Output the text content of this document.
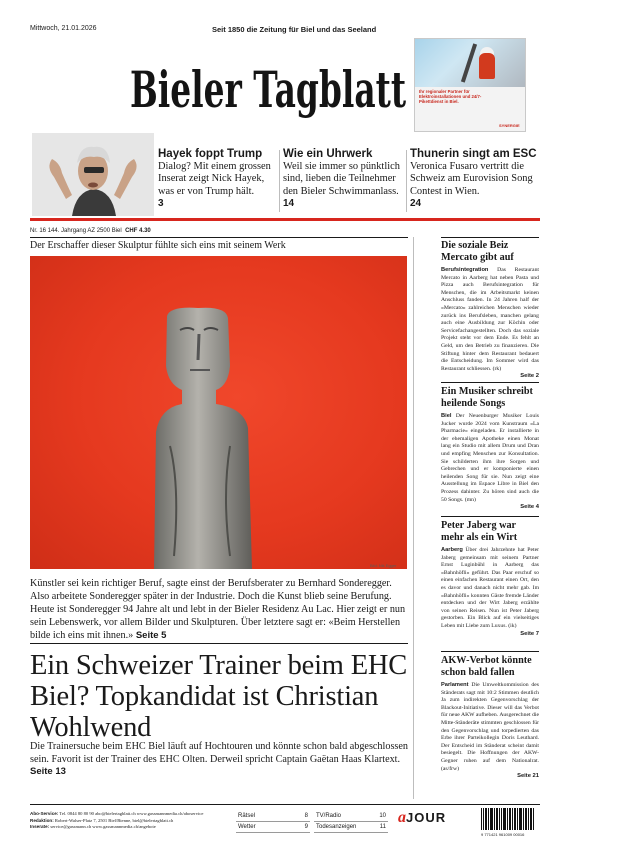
Mittwoch, 21.01.2026	Seit 1850 die Zeitung für Biel und das Seeland
Bieler Tagblatt	Ihr regionaler Partner für Elektroinstallationen und 24/7-Pikettdienst in Biel.
SYNERGIE
Hayek foppt Trump
Dialog? Mit einem grossen Inserat zeigt Nick Hayek, was er von Trump hält.
3
Wie ein Uhrwerk
Weil sie immer so pünktlich sind, lieben die Teilnehmer den Bieler Schwimmanlass.
14
Thunerin singt am ESC
Veronica Fusaro vertritt die Schweiz am Eurovision Song Contest in Wien.
24
Nr. 16 144. Jahrgang AZ 2500 Biel CHF 4.30
Der Erschaffer dieser Skulptur fühlte sich eins mit seinem Werk
Bild: Nik Egger
Künstler sei kein richtiger Beruf, sagte einst der Berufsberater zu Bernhard Sonderegger. Also arbeitete Sonderegger später in der Industrie. Doch die Kunst blieb seine Berufung. Heute ist Sonderegger 94 Jahre alt und lebt in der Bieler Residenz Au Lac. Hier zeigt er nun sein Lebenswerk, vor allem Bilder und Skulpturen. Über letztere sagt er: «Beim Herstellen bilde ich eins mit ihnen.» Seite 5
Ein Schweizer Trainer beim EHC Biel? Topkandidat ist Christian Wohlwend
Die Trainersuche beim EHC Biel läuft auf Hochtouren und könnte schon bald abgeschlossen sein. Favorit ist der Trainer des EHC Olten. Derweil spricht Captain Gaëtan Haas Klartext. Seite 13
Die soziale Beiz Mercato gibt auf
Berufsintegration Das Restaurant Mercato in Aarberg hat neben Pasta und Pizza auch Berufsintegration für Menschen, die im Arbeitsmarkt keinen Anschluss fanden. In 24 Jahren half der «Mercato» zahlreichen Menschen wieder zurück ins Berufsleben, manchen gelang auch eine Ausbildung zur Köchin oder Servicefachangestellten. Doch das soziale Projekt steht vor dem Ende. Es fehlt an Geld, um den Betrieb zu finanzieren. Die Stiftung hinter dem Restaurant bedauert die Entscheidung. Im Sommer wird das Restaurant schliessen. (rk)
Seite 2
Ein Musiker schreibt heilende Songs
Biel Der Neuenburger Musiker Louis Jucker wurde 2024 vom Kunstraum «La Pharmacie» eingeladen. Er installierte in der ehemaligen Apotheke einen Monat lang ein Studio mit allem Drum und Dran und empfing Menschen zur Konsultation. Sie schilderten ihm ihre Sorgen und Gebrechen und er komponierte einen heilenden Song für sie. Nun zeigt eine Ausstellung im Espace Libre in Biel den Prozess dahinter. Zu hören sind auch die 50 Songs. (mn)
Seite 4
Peter Jaberg war mehr als ein Wirt
Aarberg Über drei Jahrzehnte hat Peter Jaberg gemeinsam mit seinem Partner Ernst Luginbühl in Aarberg das «Bahnhöfli» geführt. Das Paar erschuf so einen einfachen Restaurant einen Ort, den es davor und danach nicht mehr gab. Im «Bahnhöfli» konnten Gäste fremde Länder entdecken und der Wirt Jaberg erzählte von seinen Reisen. Nun ist Peter Jaberg gestorben. Ein Blick auf ein vielseitiges Leben mit Liebe zum Luxus. (ik)
Seite 7
AKW-Verbot könnte schon bald fallen
Parlament Die Umweltkommission des Ständerats sagt mit 10:2 Stimmen deutlich Ja zum indirekten Gegenvorschlag der Blackout-Initiative. Dieser will das Verbot für neue AKW aufheben. Ausgerechnet die Mitte-Ständeräte stimmten geschlossen für den Gegenvorschlag und torpedierten das Erbe ihrer Parteikollegin Doris Leuthard. Der Entscheid im Ständerat scheint damit besiegelt. Die Hoffnungen der AKW-Gegner ruhen auf dem Nationalrat. (as/frw)
Seite 21
Abo-Service: Tel. 0844 80 80 90 abo@bielertagblatt.ch www.gassmannmedia.ch/aboservice
Redaktion: Robert-Walser-Platz 7, 2501 Biel/Bienne, biel@bielertagblatt.ch
Inserate: service@gassmann.ch www.gassmannmedia.ch/angebote
Rätsel	8
Wetter	9
TV/Radio	10
Todesanzeigen	11
aJOUR
9 771421 961009 00016
